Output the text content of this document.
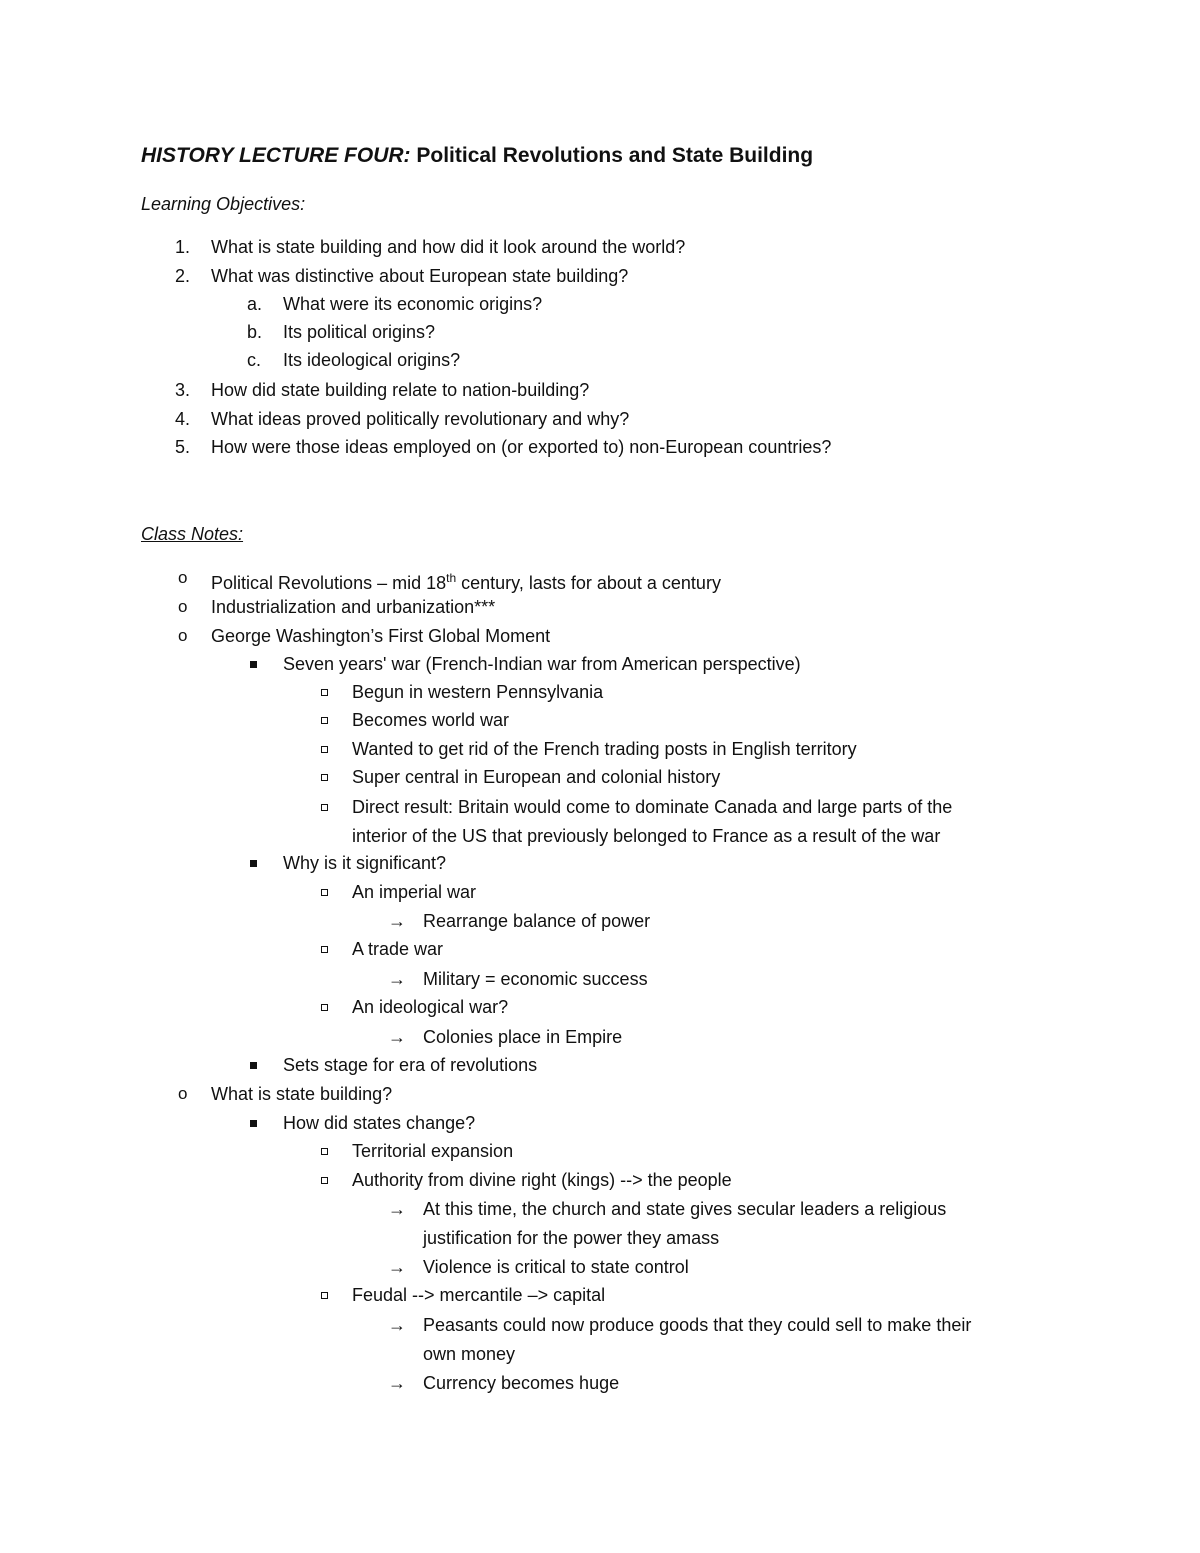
HISTORY LECTURE FOUR: Political Revolutions and State Building
Learning Objectives:
1. What is state building and how did it look around the world?
2. What was distinctive about European state building?
a. What were its economic origins?
b. Its political origins?
c. Its ideological origins?
3. How did state building relate to nation-building?
4. What ideas proved politically revolutionary and why?
5. How were those ideas employed on (or exported to) non-European countries?
Class Notes:
o Political Revolutions – mid 18th century, lasts for about a century
o Industrialization and urbanization***
o George Washington’s First Global Moment
Seven years' war (French-Indian war from American perspective)
Begun in western Pennsylvania
Becomes world war
Wanted to get rid of the French trading posts in English territory
Super central in European and colonial history
Direct result: Britain would come to dominate Canada and large parts of the
interior of the US that previously belonged to France as a result of the war
Why is it significant?
An imperial war
→ Rearrange balance of power
A trade war
→ Military = economic success
An ideological war?
→ Colonies place in Empire
Sets stage for era of revolutions
o What is state building?
How did states change?
Territorial expansion
Authority from divine right (kings) --> the people
→ At this time, the church and state gives secular leaders a religious
justification for the power they amass
→ Violence is critical to state control
Feudal --> mercantile –> capital
→ Peasants could now produce goods that they could sell to make their
own money
→ Currency becomes huge
